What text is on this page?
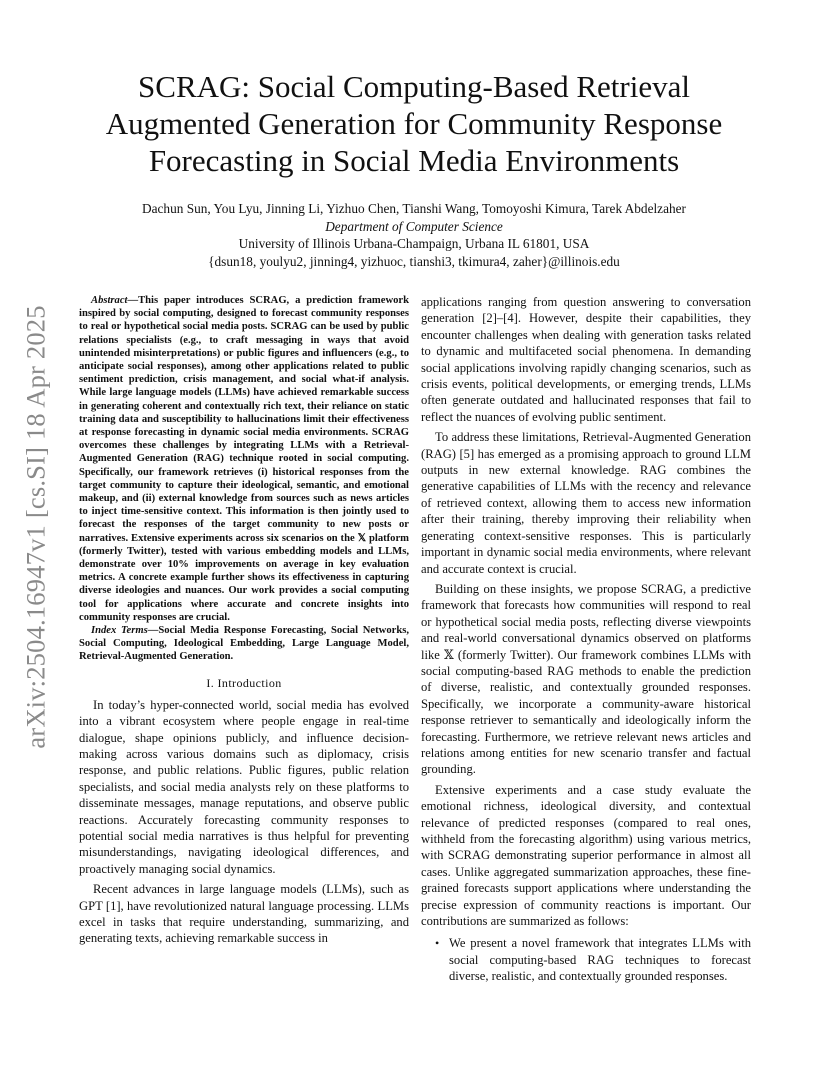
arXiv:2504.16947v1 [cs.SI] 18 Apr 2025
SCRAG: Social Computing-Based Retrieval
Augmented Generation for Community Response
Forecasting in Social Media Environments
Dachun Sun, You Lyu, Jinning Li, Yizhuo Chen, Tianshi Wang, Tomoyoshi Kimura, Tarek Abdelzaher
Department of Computer Science
University of Illinois Urbana-Champaign, Urbana IL 61801, USA
{dsun18, youlyu2, jinning4, yizhuoc, tianshi3, tkimura4, zaher}@illinois.edu

Abstract—This paper introduces SCRAG, a prediction framework inspired by social computing, designed to forecast community responses to real or hypothetical social media posts. SCRAG can be used by public relations specialists (e.g., to craft messaging in ways that avoid unintended misinterpretations) or public figures and influencers (e.g., to anticipate social responses), among other applications related to public sentiment prediction, crisis management, and social what-if analysis. While large language models (LLMs) have achieved remarkable success in generating coherent and contextually rich text, their reliance on static training data and susceptibility to hallucinations limit their effectiveness at response forecasting in dynamic social media environments. SCRAG overcomes these challenges by integrating LLMs with a Retrieval-Augmented Generation (RAG) technique rooted in social computing. Specifically, our framework retrieves (i) historical responses from the target community to capture their ideological, semantic, and emotional makeup, and (ii) external knowledge from sources such as news articles to inject time-sensitive context. This information is then jointly used to forecast the responses of the target community to new posts or narratives. Extensive experiments across six scenarios on the 𝕏 platform (formerly Twitter), tested with various embedding models and LLMs, demonstrate over 10% improvements on average in key evaluation metrics. A concrete example further shows its effectiveness in capturing diverse ideologies and nuances. Our work provides a social computing tool for applications where accurate and concrete insights into community responses are crucial.

Index Terms—Social Media Response Forecasting, Social Networks, Social Computing, Ideological Embedding, Large Language Model, Retrieval-Augmented Generation.

I. Introduction

In today’s hyper-connected world, social media has evolved into a vibrant ecosystem where people engage in real-time dialogue, shape opinions publicly, and influence decision-making across various domains such as diplomacy, crisis response, and public relations. Public figures, public relation specialists, and social media analysts rely on these platforms to disseminate messages, manage reputations, and observe public reactions. Accurately forecasting community responses to potential social media narratives is thus helpful for preventing misunderstandings, navigating ideological differences, and proactively managing social dynamics.

Recent advances in large language models (LLMs), such as GPT [1], have revolutionized natural language processing. LLMs excel in tasks that require understanding, summarizing, and generating texts, achieving remarkable success in

applications ranging from question answering to conversation generation [2]–[4]. However, despite their capabilities, they encounter challenges when dealing with generation tasks related to dynamic and multifaceted social phenomena. In demanding social applications involving rapidly changing scenarios, such as crisis events, political developments, or emerging trends, LLMs often generate outdated and hallucinated responses that fail to reflect the nuances of evolving public sentiment.

To address these limitations, Retrieval-Augmented Generation (RAG) [5] has emerged as a promising approach to ground LLM outputs in new external knowledge. RAG combines the generative capabilities of LLMs with the recency and relevance of retrieved context, allowing them to access new information after their training, thereby improving their reliability when generating context-sensitive responses. This is particularly important in dynamic social media environments, where relevant and accurate context is crucial.

Building on these insights, we propose SCRAG, a predictive framework that forecasts how communities will respond to real or hypothetical social media posts, reflecting diverse viewpoints and real-world conversational dynamics observed on platforms like 𝕏 (formerly Twitter). Our framework combines LLMs with social computing-based RAG methods to enable the prediction of diverse, realistic, and contextually grounded responses. Specifically, we incorporate a community-aware historical response retriever to semantically and ideologically inform the forecasting. Furthermore, we retrieve relevant news articles and relations among entities for new scenario transfer and factual grounding.

Extensive experiments and a case study evaluate the emotional richness, ideological diversity, and contextual relevance of predicted responses (compared to real ones, withheld from the forecasting algorithm) using various metrics, with SCRAG demonstrating superior performance in almost all cases. Unlike aggregated summarization approaches, these fine-grained forecasts support applications where understanding the precise expression of community reactions is important. Our contributions are summarized as follows:

• We present a novel framework that integrates LLMs with social computing-based RAG techniques to forecast diverse, realistic, and contextually grounded responses.
